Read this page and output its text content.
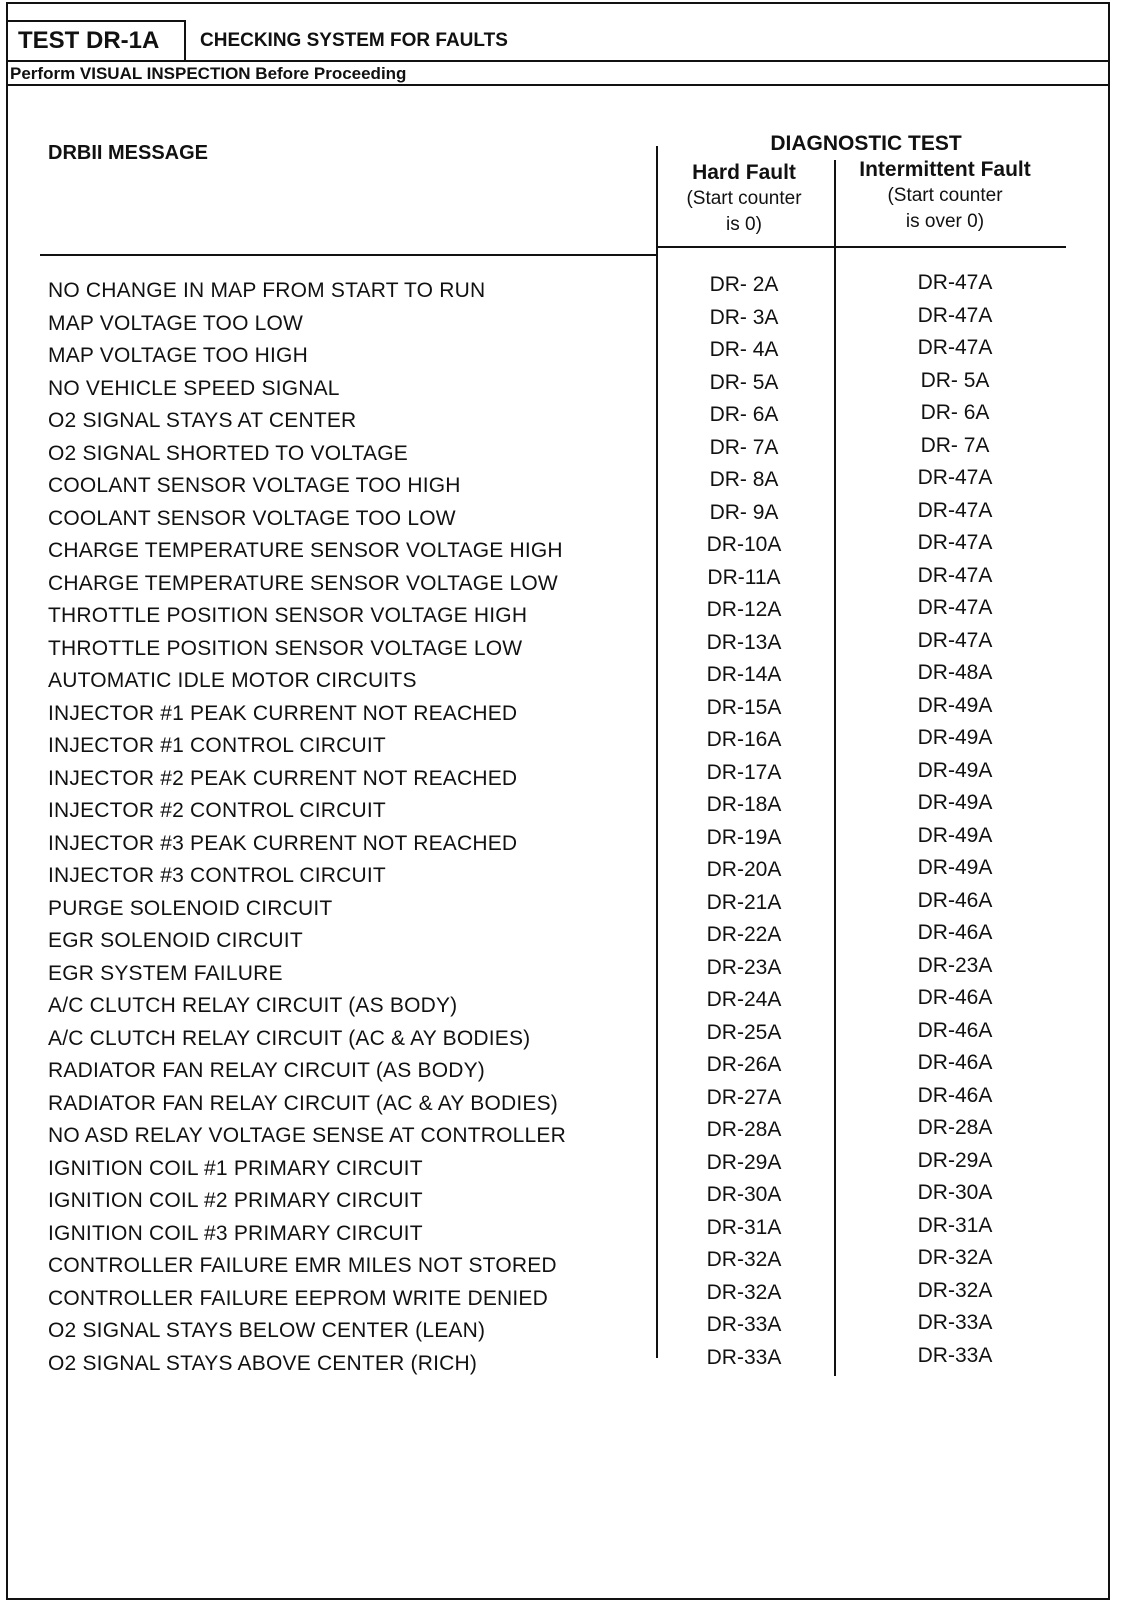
TEST DR-1A	CHECKING SYSTEM FOR FAULTS
Perform VISUAL INSPECTION Before Proceeding
DRBII MESSAGE	DIAGNOSTIC TEST
Hard Fault
(Start counter
is 0)
Intermittent Fault
(Start counter
is over 0)
NO CHANGE IN MAP FROM START TO RUN	DR- 2A	DR-47A
MAP VOLTAGE TOO LOW	DR- 3A	DR-47A
MAP VOLTAGE TOO HIGH	DR- 4A	DR-47A
NO VEHICLE SPEED SIGNAL	DR- 5A	DR- 5A
O2 SIGNAL STAYS AT CENTER	DR- 6A	DR- 6A
O2 SIGNAL SHORTED TO VOLTAGE	DR- 7A	DR- 7A
COOLANT SENSOR VOLTAGE TOO HIGH	DR- 8A	DR-47A
COOLANT SENSOR VOLTAGE TOO LOW	DR- 9A	DR-47A
CHARGE TEMPERATURE SENSOR VOLTAGE HIGH	DR-10A	DR-47A
CHARGE TEMPERATURE SENSOR VOLTAGE LOW	DR-11A	DR-47A
THROTTLE POSITION SENSOR VOLTAGE HIGH	DR-12A	DR-47A
THROTTLE POSITION SENSOR VOLTAGE LOW	DR-13A	DR-47A
AUTOMATIC IDLE MOTOR CIRCUITS	DR-14A	DR-48A
INJECTOR #1 PEAK CURRENT NOT REACHED	DR-15A	DR-49A
INJECTOR #1 CONTROL CIRCUIT	DR-16A	DR-49A
INJECTOR #2 PEAK CURRENT NOT REACHED	DR-17A	DR-49A
INJECTOR #2 CONTROL CIRCUIT	DR-18A	DR-49A
INJECTOR #3 PEAK CURRENT NOT REACHED	DR-19A	DR-49A
INJECTOR #3 CONTROL CIRCUIT	DR-20A	DR-49A
PURGE SOLENOID CIRCUIT	DR-21A	DR-46A
EGR SOLENOID CIRCUIT	DR-22A	DR-46A
EGR SYSTEM FAILURE	DR-23A	DR-23A
A/C CLUTCH RELAY CIRCUIT (AS BODY)	DR-24A	DR-46A
A/C CLUTCH RELAY CIRCUIT (AC & AY BODIES)	DR-25A	DR-46A
RADIATOR FAN RELAY CIRCUIT (AS BODY)	DR-26A	DR-46A
RADIATOR FAN RELAY CIRCUIT (AC & AY BODIES)	DR-27A	DR-46A
NO ASD RELAY VOLTAGE SENSE AT CONTROLLER	DR-28A	DR-28A
IGNITION COIL #1 PRIMARY CIRCUIT	DR-29A	DR-29A
IGNITION COIL #2 PRIMARY CIRCUIT	DR-30A	DR-30A
IGNITION COIL #3 PRIMARY CIRCUIT	DR-31A	DR-31A
CONTROLLER FAILURE EMR MILES NOT STORED	DR-32A	DR-32A
CONTROLLER FAILURE EEPROM WRITE DENIED	DR-32A	DR-32A
O2 SIGNAL STAYS BELOW CENTER (LEAN)	DR-33A	DR-33A
O2 SIGNAL STAYS ABOVE CENTER (RICH)	DR-33A	DR-33A
